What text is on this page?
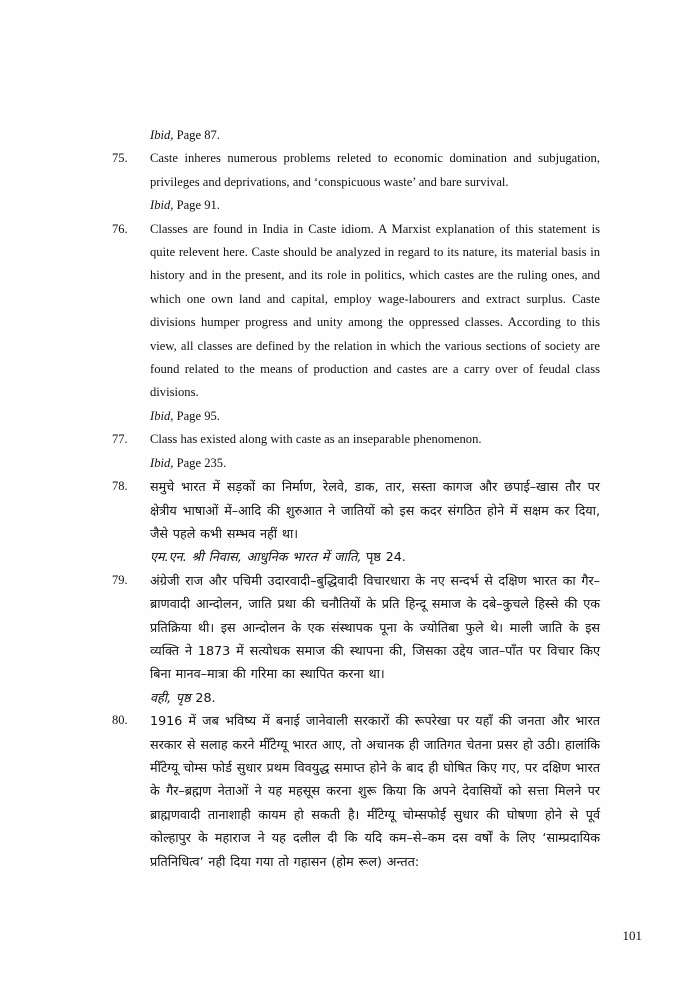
Ibid, Page 87.

75.	Caste inheres numerous problems releted to economic domination and subjugation, privileges and deprivations, and ‘conspicuous waste’ and bare survival.

Ibid, Page 91.

76.	Classes are found in India in Caste idiom. A Marxist explanation of this statement is quite relevent here. Caste should be analyzed in regard to its nature, its material basis in history and in the present, and its role in politics, which castes are the ruling ones, and which one own land and capital, employ wage-labourers and extract surplus. Caste divisions humper progress and unity among the oppressed classes. According to this view, all classes are defined by the relation in which the various sections of society are found related to the means of production and castes are a carry over of feudal class divisions.

Ibid, Page 95.

77.	Class has existed along with caste as an inseparable phenomenon.

Ibid, Page 235.

78.	समुचे भारत में सड़कों का निर्माण, रेलवे, डाक, तार, सस्ता कागज और छपाई–खास तौर पर क्षेत्रीय भाषाओं में–आदि की शुरुआत ने जातियों को इस कदर संगठित होने में सक्षम कर दिया, जैसे पहले कभी सम्भव नहीं था।

एम.एन. श्री निवास, आधुनिक भारत में जाति, पृष्ठ 24.

79.	अंग्रेजी राज और पचिमी उदारवादी–बुद्धिवादी विचारधारा के नए सन्दर्भ से दक्षिण भारत का गैर–ब्राणवादी आन्दोलन, जाति प्रथा की चनौतियों के प्रति हिन्दू समाज के दबे–कुचले हिस्से की एक प्रतिक्रिया थी। इस आन्दोलन के एक संस्थापक पूना के ज्योतिबा फुले थे। माली जाति के इस व्यक्ति ने 1873 में सत्योधक समाज की स्थापना की, जिसका उद्देय जात–पाँत पर विचार किए बिना मानव–मात्रा की गरिमा का स्थापित करना था।

वही, पृष्ठ 28.

80.	1916 में जब भविष्य में बनाई जानेवाली सरकारों की रूपरेखा पर यहाँ की जनता और भारत सरकार से सलाह करने मीँटेग्यू भारत आए, तो अचानक ही जातिगत चेतना प्रसर हो उठी। हालांकि मीँटेग्यू चोम्स फोर्ड सुधार प्रथम विवयुद्ध समाप्त होने के बाद ही घोषित किए गए, पर दक्षिण भारत के गैर–ब्रह्मण नेताओं ने यह महसूस करना शुरू किया कि अपने देवासियों को सत्ता मिलने पर ब्राह्मणवादी तानाशाही कायम हो सकती है। मीँटेग्यू चोम्सफोर्ई सुधार की घोषणा होने से पूर्व कोल्हापुर के महाराज ने यह दलील दी कि यदि कम–से–कम दस वर्षों के लिए ‘साम्प्रदायिक प्रतिनिधित्व’ नही दिया गया तो गहासन (होम रूल) अन्तत:

101
